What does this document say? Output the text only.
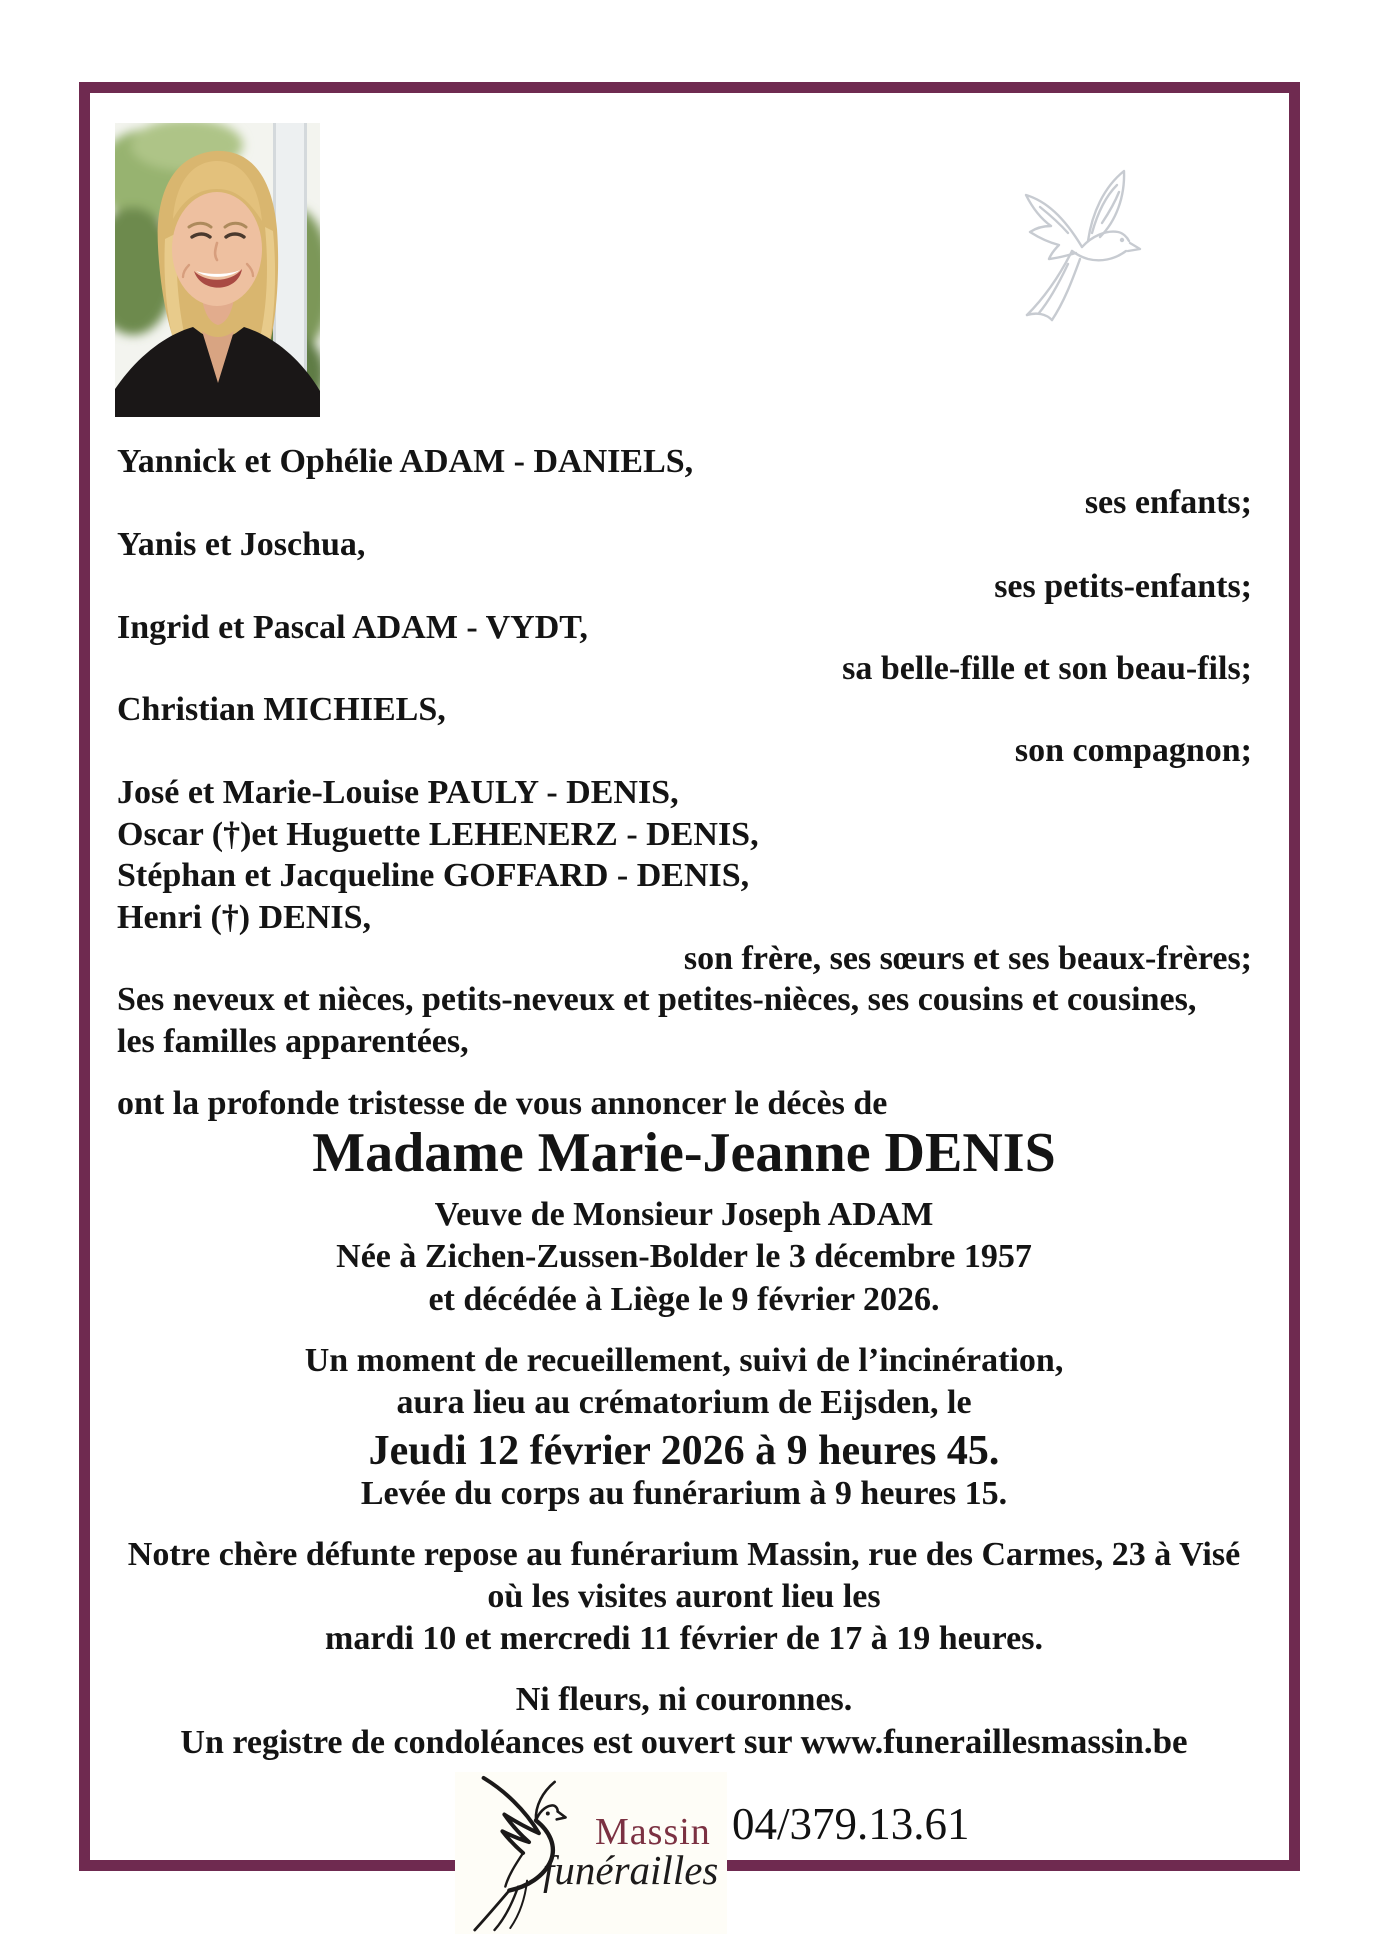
Yannick et Ophélie ADAM - DANIELS,
ses enfants;
Yanis et Joschua,
ses petits-enfants;
Ingrid et Pascal ADAM - VYDT,
sa belle-fille et son beau-fils;
Christian MICHIELS,
son compagnon;
José et Marie-Louise PAULY - DENIS,
Oscar (†)et Huguette LEHENERZ - DENIS,
Stéphan et Jacqueline GOFFARD - DENIS,
Henri (†) DENIS,
son frère, ses sœurs et ses beaux-frères;
Ses neveux et nièces, petits-neveux et petites-nièces, ses cousins et cousines,
les familles apparentées,
ont la profonde tristesse de vous annoncer le décès de
Madame Marie-Jeanne DENIS
Veuve de Monsieur Joseph ADAM
Née à Zichen-Zussen-Bolder le 3 décembre 1957
et décédée à Liège le 9 février 2026.
Un moment de recueillement, suivi de l’incinération,
aura lieu au crématorium de Eijsden, le
Jeudi 12 février 2026 à 9 heures 45.
Levée du corps au funérarium à 9 heures 15.
Notre chère défunte repose au funérarium Massin, rue des Carmes, 23 à Visé
où les visites auront lieu les
mardi 10 et mercredi 11 février de 17 à 19 heures.
Ni fleurs, ni couronnes.
Un registre de condoléances est ouvert sur www.funeraillesmassin.be
Massin
funérailles
04/379.13.61
